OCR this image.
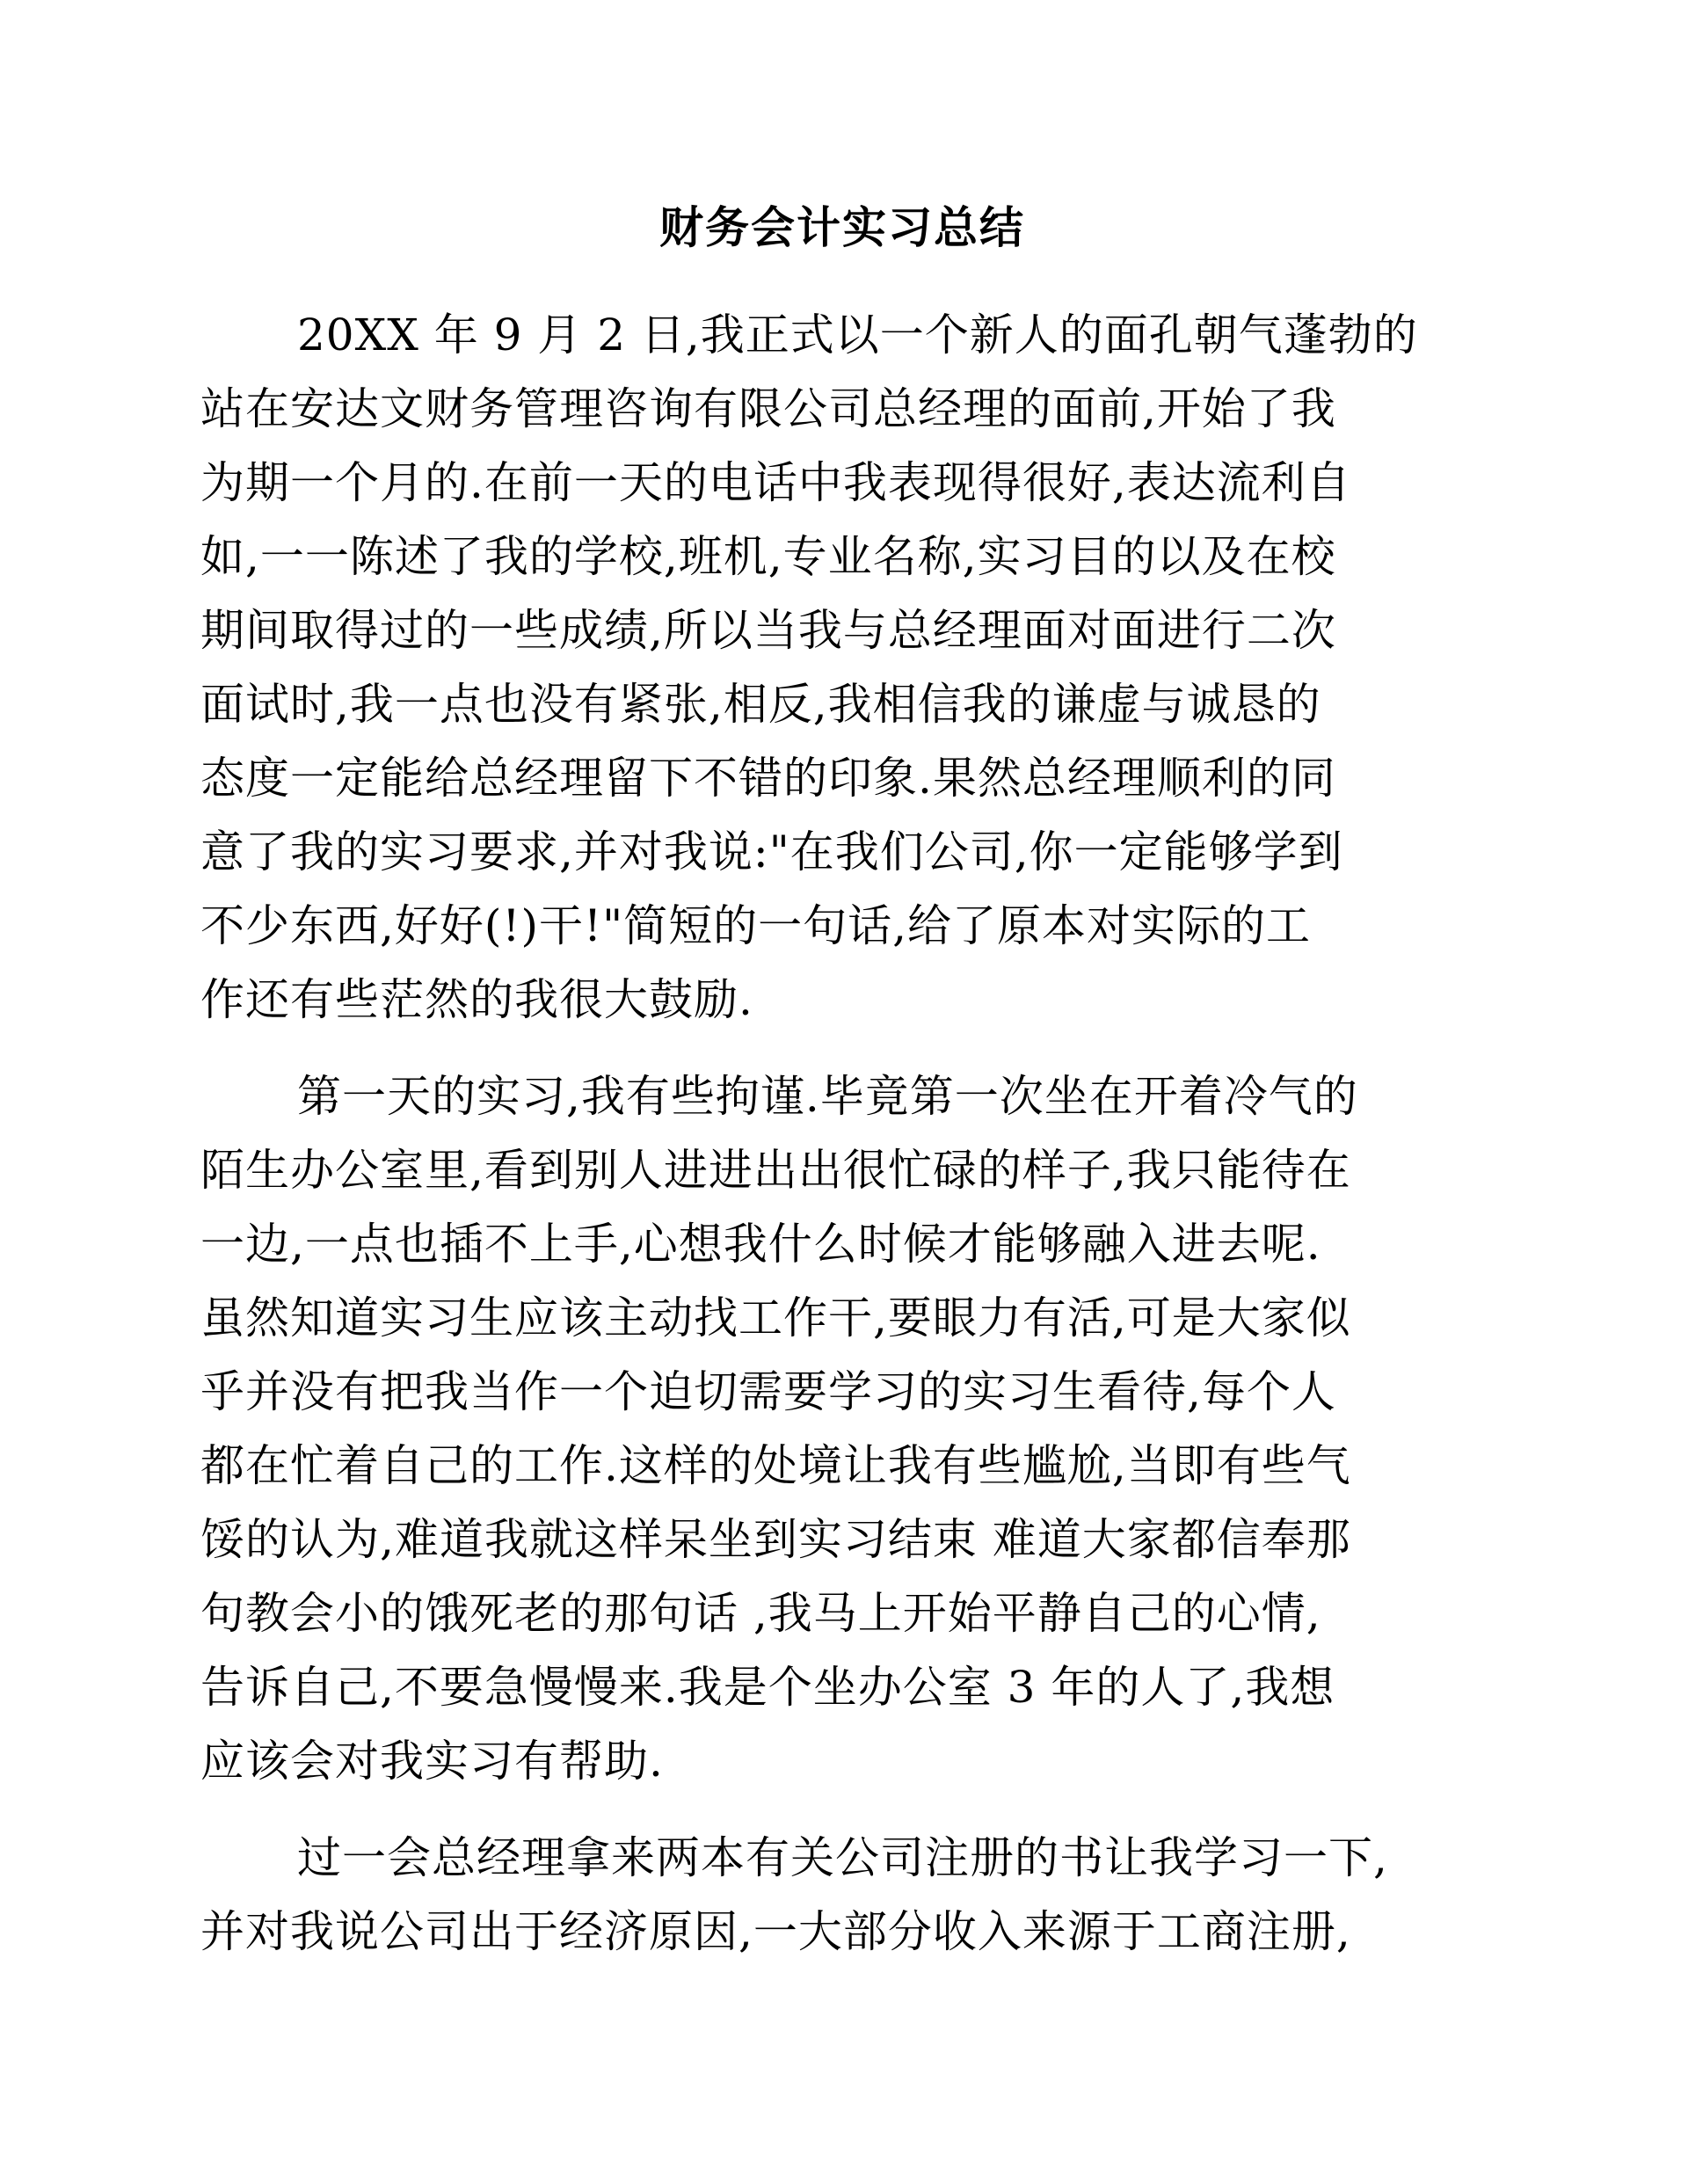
财务会计实习总结

20XX 年 9 月 2 日,我正式以一个新人的面孔朝气蓬勃的

站在安达文财务管理咨询有限公司总经理的面前,开始了我

为期一个月的.在前一天的电话中我表现得很好,表达流利自

如,一一陈述了我的学校,班机,专业名称,实习目的以及在校

期间取得过的一些成绩,所以当我与总经理面对面进行二次

面试时,我一点也没有紧张,相反,我相信我的谦虚与诚恳的

态度一定能给总经理留下不错的印象.果然总经理顺利的同

意了我的实习要求,并对我说:"在我们公司,你一定能够学到

不少东西,好好(!)干!"简短的一句话,给了原本对实际的工

作还有些茫然的我很大鼓励.

第一天的实习,我有些拘谨.毕竟第一次坐在开着冷气的

陌生办公室里,看到别人进进出出很忙碌的样子,我只能待在

一边,一点也插不上手,心想我什么时候才能够融入进去呢.

虽然知道实习生应该主动找工作干,要眼力有活,可是大家似

乎并没有把我当作一个迫切需要学习的实习生看待,每个人

都在忙着自己的工作.这样的处境让我有些尴尬,当即有些气

馁的认为,难道我就这样呆坐到实习结束 难道大家都信奉那

句教会小的饿死老的那句话 ,我马上开始平静自己的心情,

告诉自己,不要急慢慢来.我是个坐办公室 3 年的人了,我想

应该会对我实习有帮助.

过一会总经理拿来两本有关公司注册的书让我学习一下,

并对我说公司出于经济原因,一大部分收入来源于工商注册,
